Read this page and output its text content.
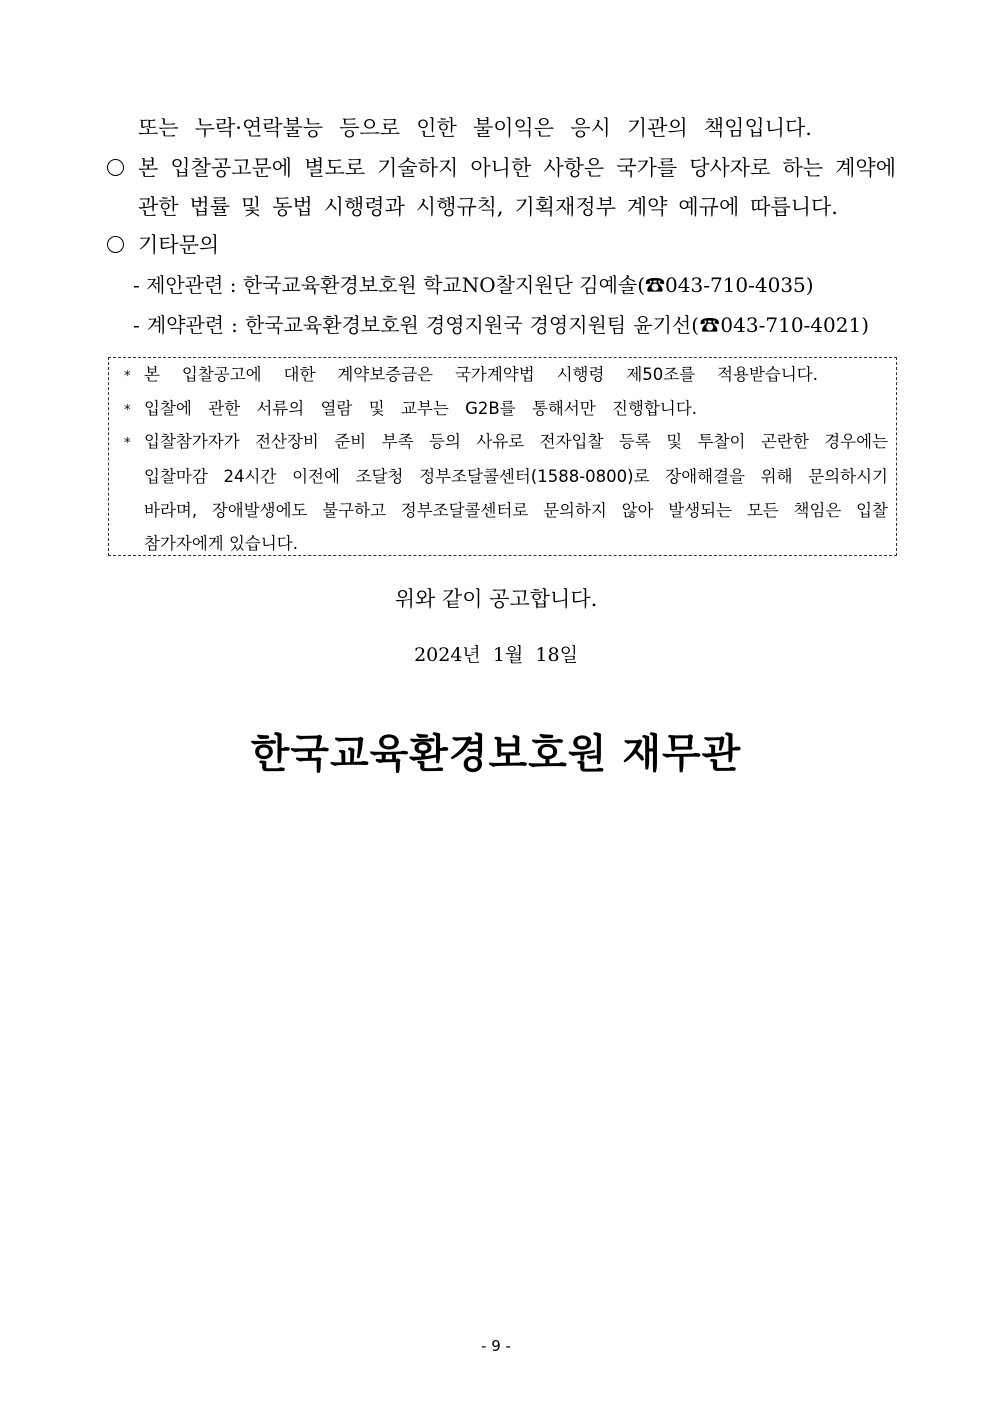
또는 누락·연락불능 등으로 인한 불이익은 응시 기관의 책임입니다.
본 입찰공고문에 별도로 기술하지 아니한 사항은 국가를 당사자로 하는 계약에
관한 법률 및 동법 시행령과 시행규칙, 기획재정부 계약 예규에 따릅니다.
기타문의
- 제안관련 : 한국교육환경보호원 학교NO찰지원단 김예솔(☎043-710-4035)
- 계약관련 : 한국교육환경보호원 경영지원국 경영지원팀 윤기선(☎043-710-4021)
* 본 입찰공고에 대한 계약보증금은 국가계약법 시행령 제50조를 적용받습니다.
* 입찰에 관한 서류의 열람 및 교부는 G2B를 통해서만 진행합니다.
* 입찰참가자가 전산장비 준비 부족 등의 사유로 전자입찰 등록 및 투찰이 곤란한 경우에는
입찰마감 24시간 이전에 조달청 정부조달콜센터(1588-0800)로 장애해결을 위해 문의하시기
바라며, 장애발생에도 불구하고 정부조달콜센터로 문의하지 않아 발생되는 모든 책임은 입찰
참가자에게 있습니다.
위와 같이 공고합니다.
2024년  1월  18일
한국교육환경보호원 재무관
- 9 -
